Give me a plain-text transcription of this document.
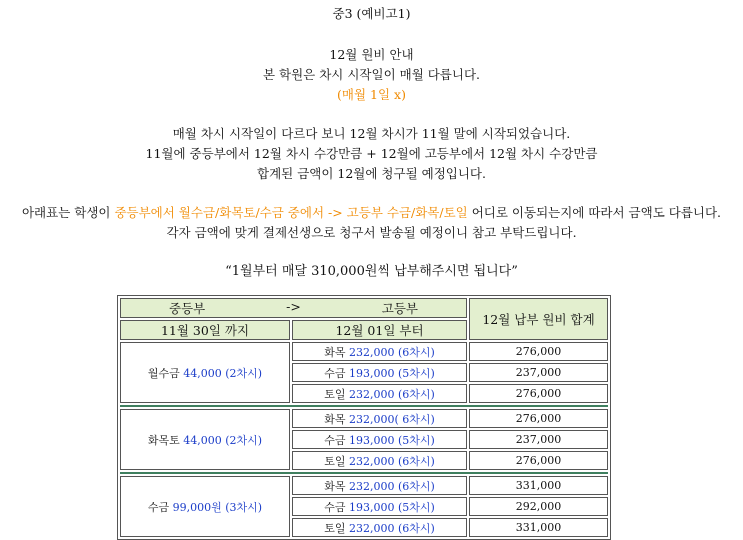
중3 (예비고1)
12월 원비 안내
본 학원은 차시 시작일이 매월 다릅니다.
(매월 1일 x)
매월 차시 시작일이 다르다 보니 12월 차시가 11월 말에 시작되었습니다.
11월에 중등부에서 12월 차시 수강만큼 + 12월에 고등부에서 12월 차시 수강만큼
합계된 금액이 12월에 청구될 예정입니다.
아래표는 학생이 중등부에서 월수금/화목토/수금 중에서 -> 고등부 수금/화목/토일 어디로 이동되는지에 따라서 금액도 다릅니다.
각자 금액에 맞게 결제선생으로 청구서 발송될 예정이니 참고 부탁드립니다.
“1월부터 매달 310,000원씩 납부해주시면 됩니다”
중등부 -> 고등부		12월 납부 원비 합계
11월 30일 까지	12월 01일 부터	
월수금 44,000 (2차시)	화목 232,000 (6차시)	276,000
	수금 193,000 (5차시)	237,000
	토일 232,000 (6차시)	276,000

화목토 44,000 (2차시)	화목 232,000( 6차시)	276,000
	수금 193,000 (5차시)	237,000
	토일 232,000 (6차시)	276,000

수금 99,000원 (3차시)	화목 232,000 (6차시)	331,000
	수금 193,000 (5차시)	292,000
	토일 232,000 (6차시)	331,000
